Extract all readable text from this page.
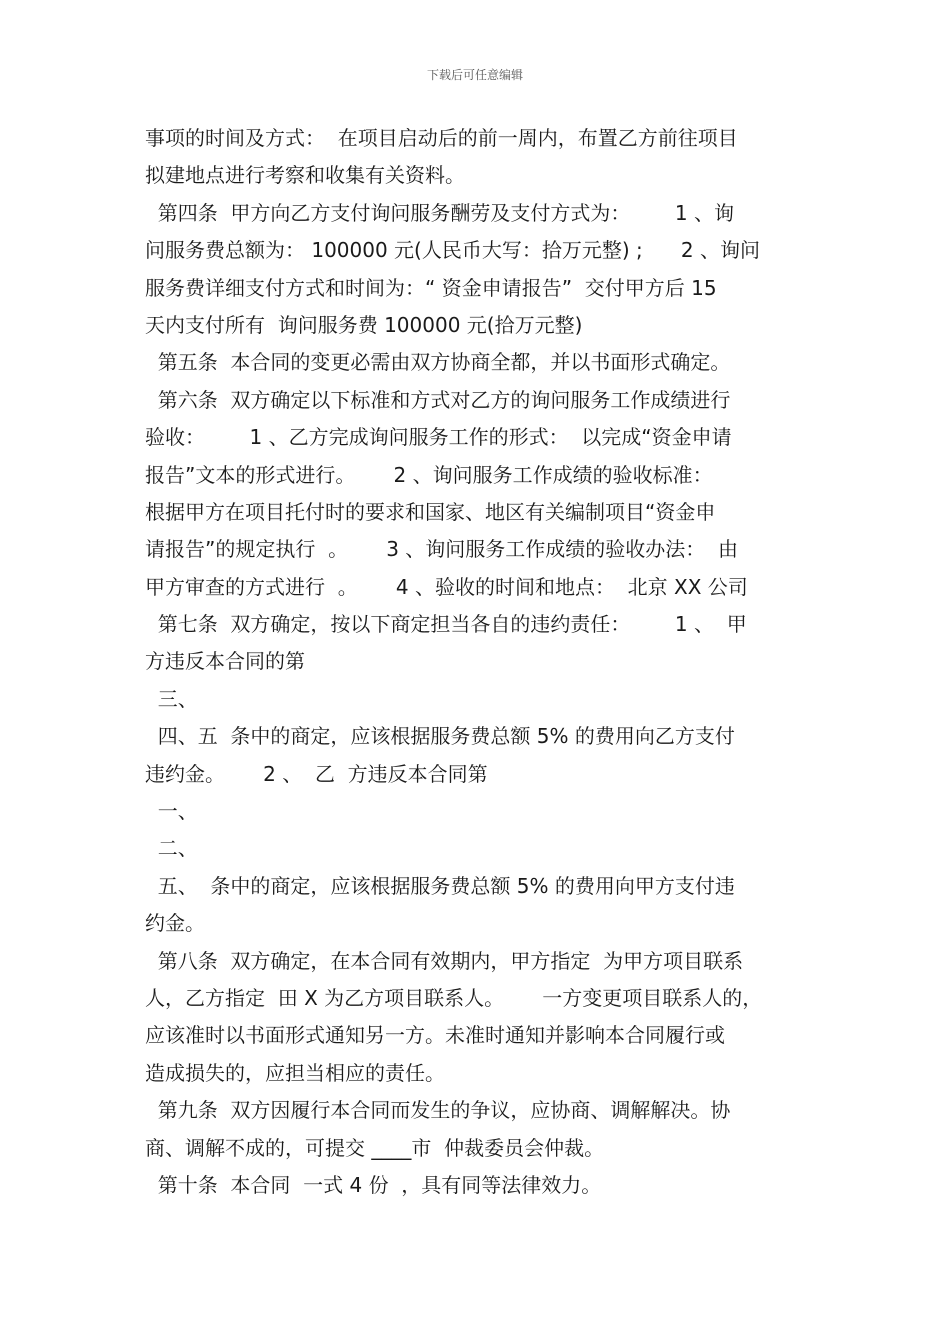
下载后可任意编辑
事项的时间及方式：  在项目启动后的前一周内，布置乙方前往项目
拟建地点进行考察和收集有关资料。
第四条  甲方向乙方支付询问服务酬劳及支付方式为：       1 、询
问服务费总额为： 100000 元(人民币大写：拾万元整) ;      2 、询问
服务费详细支付方式和时间为：“ 资金申请报告”  交付甲方后 15
天内支付所有  询问服务费 100000 元(拾万元整)
第五条  本合同的变更必需由双方协商全都，并以书面形式确定。
第六条  双方确定以下标准和方式对乙方的询问服务工作成绩进行
验收：       1 、乙方完成询问服务工作的形式：  以完成“资金申请
报告”文本的形式进行。      2 、询问服务工作成绩的验收标准：
根据甲方在项目托付时的要求和国家、地区有关编制项目“资金申
请报告”的规定执行  。      3 、询问服务工作成绩的验收办法：  由
甲方审查的方式进行  。      4 、验收的时间和地点：  北京 XX 公司
第七条  双方确定，按以下商定担当各自的违约责任：       1 、  甲
方违反本合同的第
三、
四、五  条中的商定，应该根据服务费总额 5% 的费用向乙方支付
违约金。      2 、  乙  方违反本合同第
一、
二、
五、  条中的商定，应该根据服务费总额 5% 的费用向甲方支付违
约金。
第八条  双方确定，在本合同有效期内，甲方指定  为甲方项目联系
人，乙方指定  田 X 为乙方项目联系人。      一方变更项目联系人的，
应该准时以书面形式通知另一方。未准时通知并影响本合同履行或
造成损失的，应担当相应的责任。
第九条  双方因履行本合同而发生的争议，应协商、调解解决。协
商、调解不成的，可提交 ____市  仲裁委员会仲裁。
第十条  本合同  一式 4 份  ，具有同等法律效力。
